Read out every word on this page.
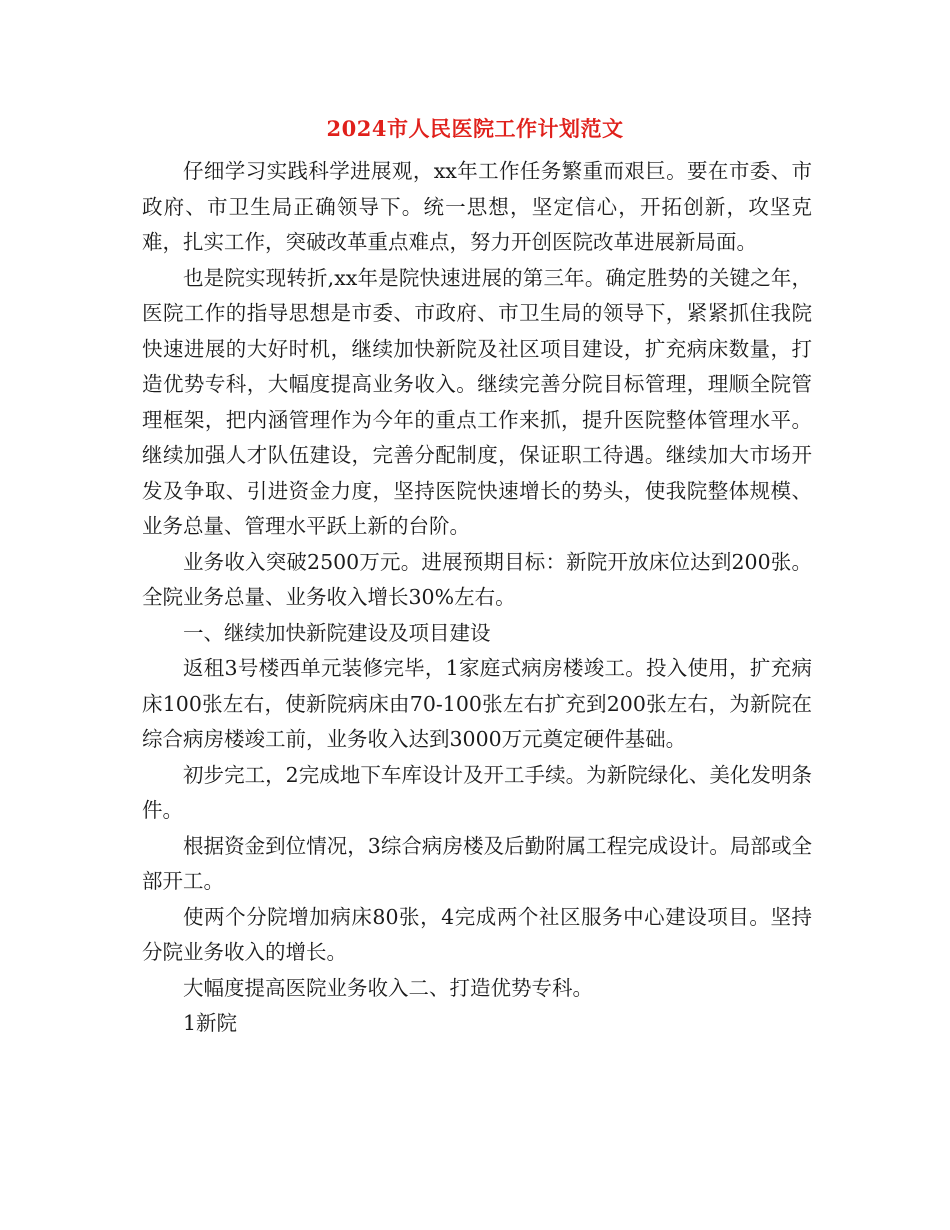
2024市人民医院工作计划范文

仔细学习实践科学进展观，xx年工作任务繁重而艰巨。要在市委、市政府、市卫生局正确领导下。统一思想，坚定信心，开拓创新，攻坚克难，扎实工作，突破改革重点难点，努力开创医院改革进展新局面。

也是院实现转折,xx年是院快速进展的第三年。确定胜势的关键之年，医院工作的指导思想是市委、市政府、市卫生局的领导下，紧紧抓住我院快速进展的大好时机，继续加快新院及社区项目建设，扩充病床数量，打造优势专科，大幅度提高业务收入。继续完善分院目标管理，理顺全院管理框架，把内涵管理作为今年的重点工作来抓，提升医院整体管理水平。继续加强人才队伍建设，完善分配制度，保证职工待遇。继续加大市场开发及争取、引进资金力度，坚持医院快速增长的势头，使我院整体规模、业务总量、管理水平跃上新的台阶。

业务收入突破2500万元。进展预期目标：新院开放床位达到200张。全院业务总量、业务收入增长30%左右。

一、继续加快新院建设及项目建设

返租3号楼西单元装修完毕，1家庭式病房楼竣工。投入使用，扩充病床100张左右，使新院病床由70-100张左右扩充到200张左右，为新院在综合病房楼竣工前，业务收入达到3000万元奠定硬件基础。

初步完工，2完成地下车库设计及开工手续。为新院绿化、美化发明条件。

根据资金到位情况，3综合病房楼及后勤附属工程完成设计。局部或全部开工。

使两个分院增加病床80张，4完成两个社区服务中心建设项目。坚持分院业务收入的增长。

大幅度提高医院业务收入二、打造优势专科。

1新院
